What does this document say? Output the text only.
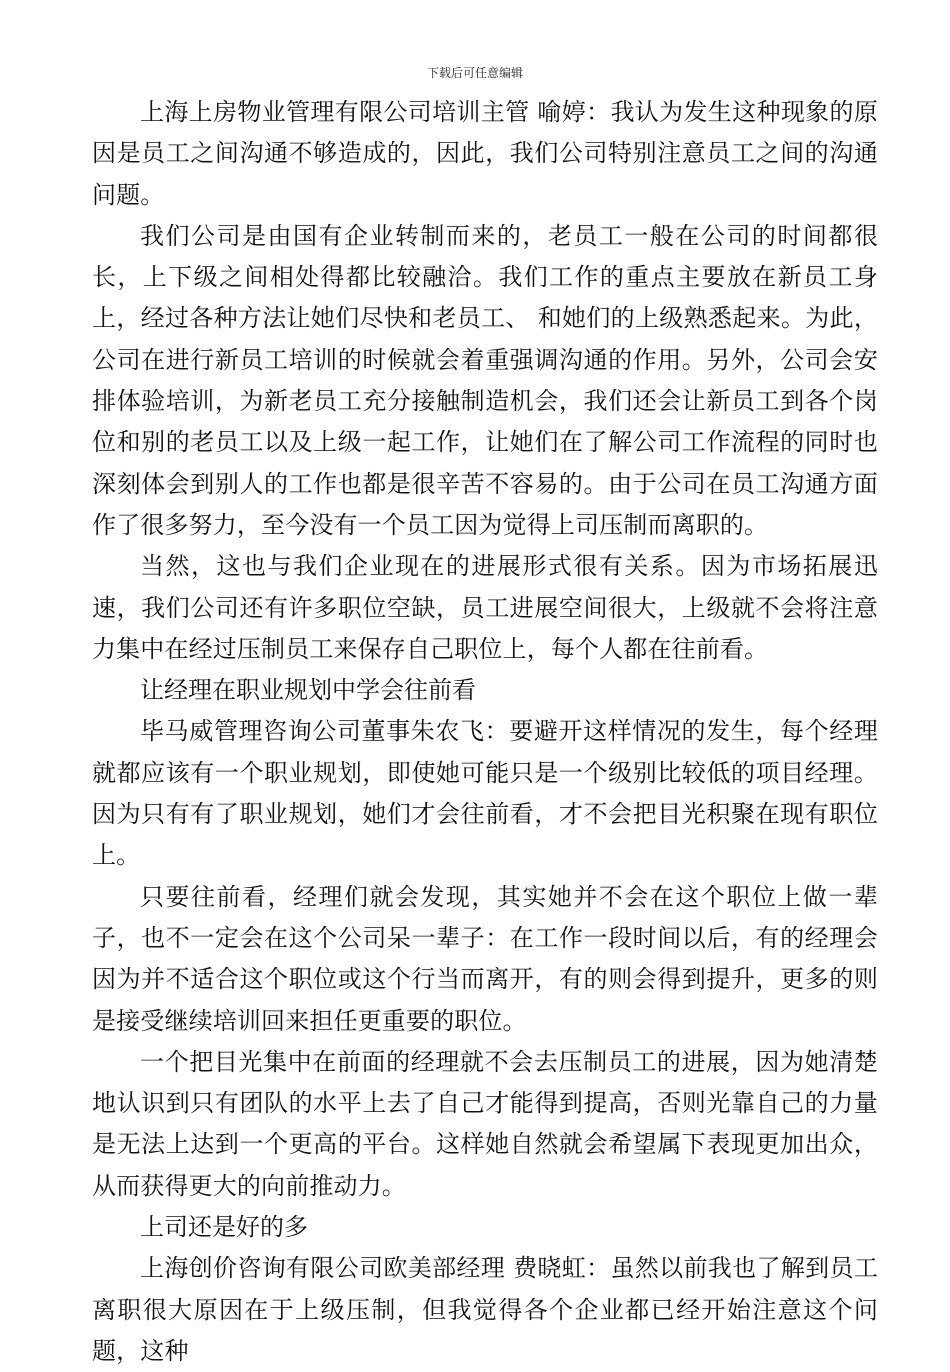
下载后可任意编辑

上海上房物业管理有限公司培训主管 喻婷：我认为发生这种现象的原因是员工之间沟通不够造成的，因此，我们公司特别注意员工之间的沟通问题。

我们公司是由国有企业转制而来的，老员工一般在公司的时间都很长，上下级之间相处得都比较融洽。我们工作的重点主要放在新员工身上，经过各种方法让她们尽快和老员工、 和她们的上级熟悉起来。为此，公司在进行新员工培训的时候就会着重强调沟通的作用。另外，公司会安排体验培训，为新老员工充分接触制造机会，我们还会让新员工到各个岗位和别的老员工以及上级一起工作，让她们在了解公司工作流程的同时也深刻体会到别人的工作也都是很辛苦不容易的。由于公司在员工沟通方面作了很多努力，至今没有一个员工因为觉得上司压制而离职的。

当然，这也与我们企业现在的进展形式很有关系。因为市场拓展迅速，我们公司还有许多职位空缺，员工进展空间很大，上级就不会将注意力集中在经过压制员工来保存自己职位上，每个人都在往前看。

让经理在职业规划中学会往前看

毕马威管理咨询公司董事朱农飞：要避开这样情况的发生，每个经理就都应该有一个职业规划，即使她可能只是一个级别比较低的项目经理。因为只有有了职业规划，她们才会往前看，才不会把目光积聚在现有职位上。

只要往前看，经理们就会发现，其实她并不会在这个职位上做一辈子，也不一定会在这个公司呆一辈子：在工作一段时间以后，有的经理会因为并不适合这个职位或这个行当而离开，有的则会得到提升，更多的则是接受继续培训回来担任更重要的职位。

一个把目光集中在前面的经理就不会去压制员工的进展，因为她清楚地认识到只有团队的水平上去了自己才能得到提高，否则光靠自己的力量是无法上达到一个更高的平台。这样她自然就会希望属下表现更加出众，从而获得更大的向前推动力。

上司还是好的多

上海创价咨询有限公司欧美部经理 费晓虹：虽然以前我也了解到员工离职很大原因在于上级压制，但我觉得各个企业都已经开始注意这个问题，这种
